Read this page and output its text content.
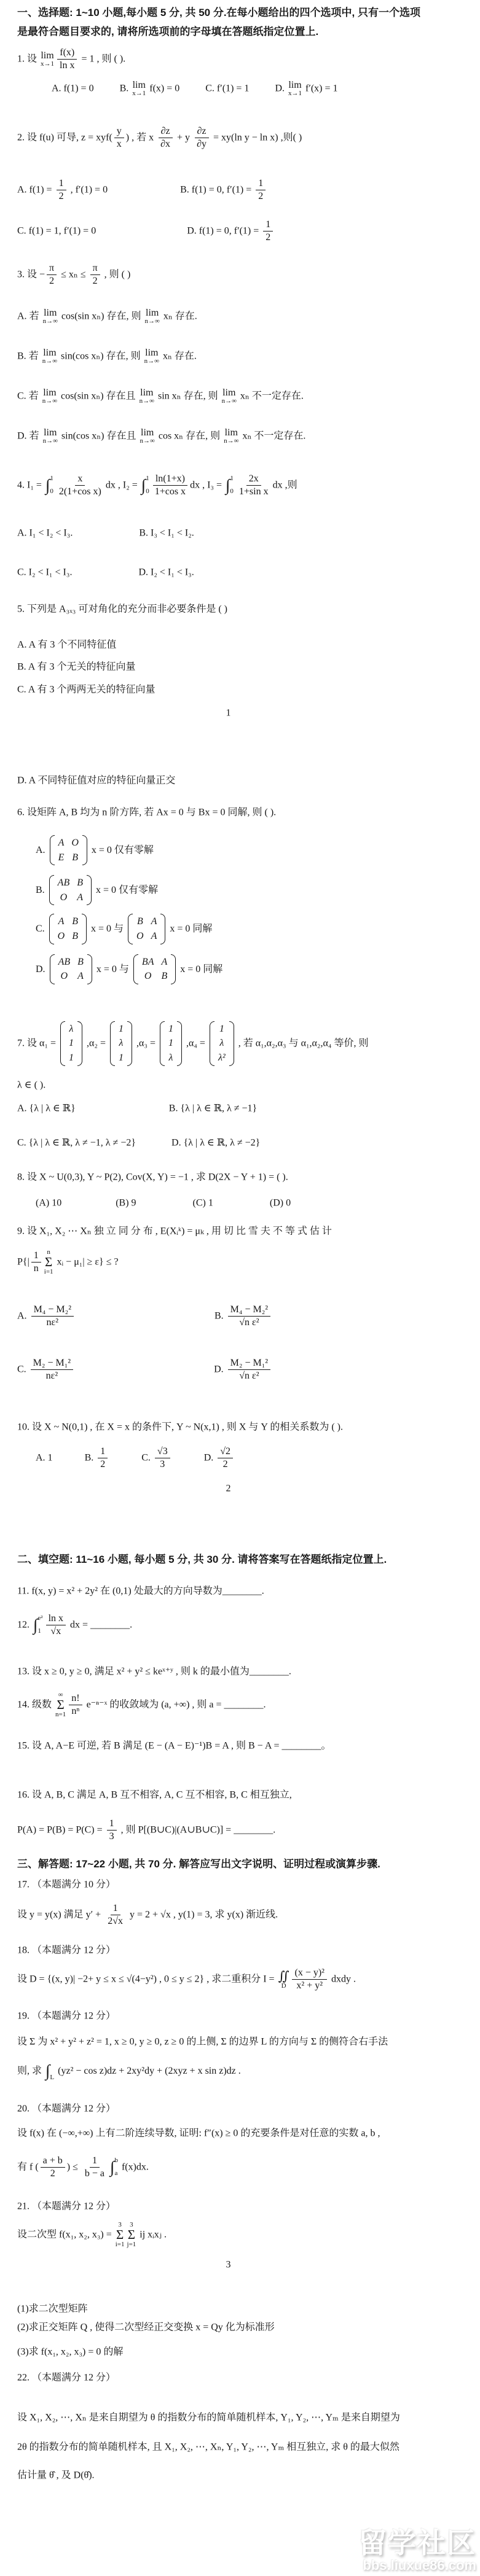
一、选择题: 1~10 小题,每小题 5 分, 共 50 分.在每小题给出的四个选项中, 只有一个选项
是最符合题目要求的, 请将所选项前的字母填在答题纸指定位置上.
1. 设 lim
$x\to 1 \frac{f(x)}{\text{ln x}} = 1$ , 则 ( ).
A. f(1) = 0	B. lim
x→1 f(x) = 0	C. f′(1) = 1	D. lim
x→1 f′(x) = 1
2. 设 f(u) 可导, $z = xyf( \frac{y}{x}$ ) , 若 x $\frac{\partial z}{\partial x} + y \frac{\partial z}{\partial y} = xy(\ln$ y − ln x) ,则( )
A. $f(1) = \frac{1}{2}$ , f′(1) = 0	B. f(1) = 0, $f'(1) = \frac{1}{2}$
C. f(1) = 1, f′(1) = 0	D. f(1) = 0, $f'(1) = \frac{1}{2}$
3. 设 − $\frac{\pi}{2} \le x_n \le \frac{\pi}{2}$ , 则 ( )
A. 若 lim
n→∞ cos(sin xₙ) 存在, 则 lim
n→∞ xₙ 存在.
B. 若 lim
n→∞ sin(cos xₙ) 存在, 则 lim
n→∞ xₙ 存在.
C. 若 lim
n→∞ cos(sin xₙ) 存在且 lim
n→∞ sin xₙ 存在, 则 lim
n→∞ xₙ 不一定存在.
D. 若 lim
n→∞ sin(cos xₙ) 存在且 lim
n→∞ cos xₙ 存在, 则 lim
n→∞ xₙ 不一定存在.
4. I₁ = ∫ 1
$0 \frac{x}{\text{2(1+cos x)}}$ dx , I₂ = ∫ 1
$0 \frac{\ln(1+x)}{\text{1+cos x}}$ dx , I₃ = ∫ 1
$0 \frac{2x}{\text{1+sin x}}$ dx ,则
A. I₁ < I₂ < I₃.	B. I₃ < I₁ < I₂.
C. I₂ < I₁ < I₃.	D. I₂ < I₁ < I₃.
5. 下列是 A₃ₓ₃ 可对角化的充分而非必要条件是 ( )
A. A 有 3 个不同特征值
B. A 有 3 个无关的特征向量
C. A 有 3 个两两无关的特征向量
1
D. A 不同特征值对应的特征向量正交
6. 设矩阵 A, B 均为 n 阶方阵, 若 Ax = 0 与 Bx = 0 同解, 则 ( ).
A.
A O
E B
x = 0 仅有零解
B.
AB B
O A
x = 0 仅有零解
C.
A B
O B
x = 0 与
B A
O A
x = 0 同解
D.
AB B
O A
x = 0 与
BA A
O B
x = 0 同解
7. 设 α₁ =
λ
1
1
,α₂ =
1
λ
1
,α₃ =
1
1
λ
,α₄ =
1
λ
λ²
, 若 α₁,α₂,α₃ 与 α₁,α₂,α₄ 等价, 则
λ ∈ ( ).
A. {λ | λ ∈ ℝ}	B. {λ | λ ∈ ℝ, λ ≠ −1}
C. {λ | λ ∈ ℝ, λ ≠ −1, λ ≠ −2}	D. {λ | λ ∈ ℝ, λ ≠ −2}
8. 设 X ~ U(0,3), Y ~ P(2), Cov(X, Y) = −1 , 求 D(2X − Y + 1) = ( ).
(A) 10	(B) 9	(C) 1	(D) 0
9. 设 X₁, X₂ ⋯ Xₙ 独 立 同 分 布 , E(Xᵢᵏ) = μₖ , 用 切 比 雪 夫 不 等 式 估 计
$P\{| \frac{1}{n}$ n
Σ
i=1
xᵢ − μ₁| ≥ ε} ≤ ?
A. $\frac{\text{M₄ − M₂²}}{\text{nε²}}$	B. $\frac{\text{M₄ − M₂²}}{\text{√n ε²}}$
C. $\frac{\text{M₂ − M₁²}}{\text{nε²}}$	D. $\frac{\text{M₂ − M₁²}}{\text{√n ε²}}$
10. 设 X ~ N(0,1) , 在 X = x 的条件下, Y ~ N(x,1) , 则 X 与 Y 的相关系数为 ( ).
A. 1	B. $\frac{1}{2}$	C. $\frac{√3}{3}$	D. $\frac{√2}{2}$
2
二、填空题: 11~16 小题, 每小题 5 分, 共 30 分. 请将答案写在答题纸指定位置上.
11. f(x, y) = x² + 2y² 在 (0,1) 处最大的方向导数为________.
12. ∫ e²
$1 \frac{\text{ln x}}{√x}$ dx = ________.
13. 设 x ≥ 0, y ≥ 0, 满足 x² + y² ≤ keˣ⁺ʸ , 则 k 的最小值为________.
14. 级数
∞
Σ
$n=1 \frac{n!}{\text{nⁿ}}$ e⁻ⁿ⁻ˣ 的收敛域为 (a, +∞) , 则 a = ________.
15. 设 A, A−E 可逆, 若 B 满足 (E − (A − E)⁻¹)B = A , 则 B − A = ________。
16. 设 A, B, C 满足 A, B 互不相容, A, C 互不相容, B, C 相互独立,
$P(A) = P(B) = P(C) = \frac{1}{3}$ , 则 P[(B∪C)|(A∪B∪C)] = ________.
三、解答题: 17~22 小题, 共 70 分. 解答应写出文字说明、证明过程或演算步骤.
17. （本题满分 10 分）
设 y = y(x) 满足 $y' + \frac{1}{2√x}$ y = 2 + √x , y(1) = 3, 求 y(x) 渐近线.
18. （本题满分 12 分）
设 D = {(x, y)| −2+ y ≤ x ≤ √(4−y²) , 0 ≤ y ≤ 2} , 求二重积分 I = ∬
D $\frac{\text{(x − y)²}}{\text{x² + y²}}$ dxdy .
19. （本题满分 12 分）
设 Σ 为 x² + y² + z² = 1, x ≥ 0, y ≥ 0, z ≥ 0 的上侧, Σ 的边界 L 的方向与 Σ 的侧符合右手法
则, 求 ∫ L
(yz² − cos z)dz + 2xy²dy + (2xyz + x sin z)dz .
20. （本题满分 12 分）
设 f(x) 在 (−∞,+∞) 上有二阶连续导数, 证明: f″(x) ≥ 0 的充要条件是对任意的实数 a, b ,
有 f ( $\frac{a + b}{2}$ ) ≤ $\frac{1}{b - a}$ ∫ b
a
f(x)dx.
21. （本题满分 12 分）
设二次型 f(x₁, x₂, x₃) =
3
Σ
i=1
3
Σ
j=1
ij xᵢxⱼ .
3
(1)求二次型矩阵
(2)求正交矩阵 Q , 使得二次型经正交变换 x = Qy 化为标准形
(3)求 f(x₁, x₂, x₃) = 0 的解
22. （本题满分 12 分）
设 X₁, X₂, ⋯, Xₙ 是来自期望为 θ 的指数分布的简单随机样本, Y₁, Y₂, ⋯, Yₘ 是来自期望为
2θ 的指数分布的简单随机样本, 且 X₁, X₂, ⋯, Xₙ, Y₁, Y₂, ⋯, Yₘ 相互独立, 求 θ 的最大似然
估计量 θ̂ , 及 D(θ̂).
留学社区
bbs.liuxue86.com
